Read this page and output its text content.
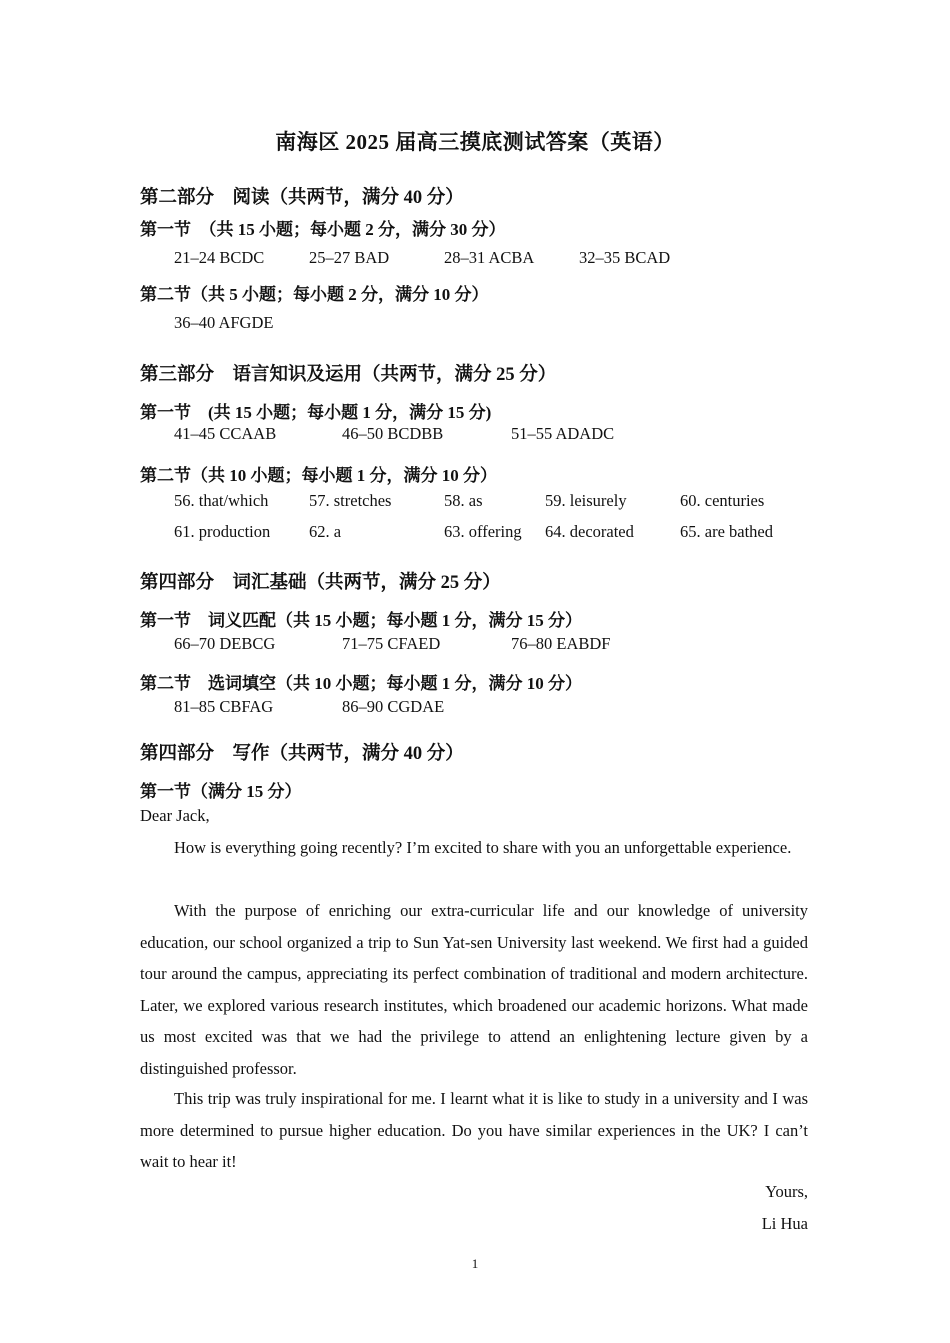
南海区 2025 届高三摸底测试答案（英语）
第二部分　阅读（共两节，满分 40 分）
第一节　（共 15 小题；每小题 2 分，满分 30 分）
21–24 BCDC	25–27 BAD	28–31 ACBA	32–35 BCAD
第二节（共 5 小题；每小题 2 分，满分 10 分）
36–40 AFGDE
第三部分　语言知识及运用（共两节，满分 25 分）
第一节　(共 15 小题；每小题 1 分，满分 15 分)
41–45 CCAAB	46–50 BCDBB	51–55 ADADC
第二节（共 10 小题；每小题 1 分，满分 10 分）
56. that/which 57. stretches	58. as	59. leisurely	60. centuries
61. production 62. a	63. offering 64. decorated	65. are bathed
第四部分　词汇基础（共两节，满分 25 分）
第一节　词义匹配（共 15 小题；每小题 1 分，满分 15 分）
66–70 DEBCG	71–75 CFAED	76–80 EABDF
第二节　选词填空（共 10 小题；每小题 1 分，满分 10 分）
81–85 CBFAG	86–90 CGDAE
第四部分　写作（共两节，满分 40 分）
第一节（满分 15 分）
Dear Jack,
How is everything going recently? I’m excited to share with you an unforgettable experience.
With the purpose of enriching our extra-curricular life and our knowledge of university education, our school organized a trip to Sun Yat-sen University last weekend. We first had a guided tour around the campus, appreciating its perfect combination of traditional and modern architecture. Later, we explored various research institutes, which broadened our academic horizons. What made us most excited was that we had the privilege to attend an enlightening lecture given by a distinguished professor.
This trip was truly inspirational for me. I learnt what it is like to study in a university and I was more determined to pursue higher education. Do you have similar experiences in the UK? I can’t wait to hear it!
Yours,
Li Hua
1
